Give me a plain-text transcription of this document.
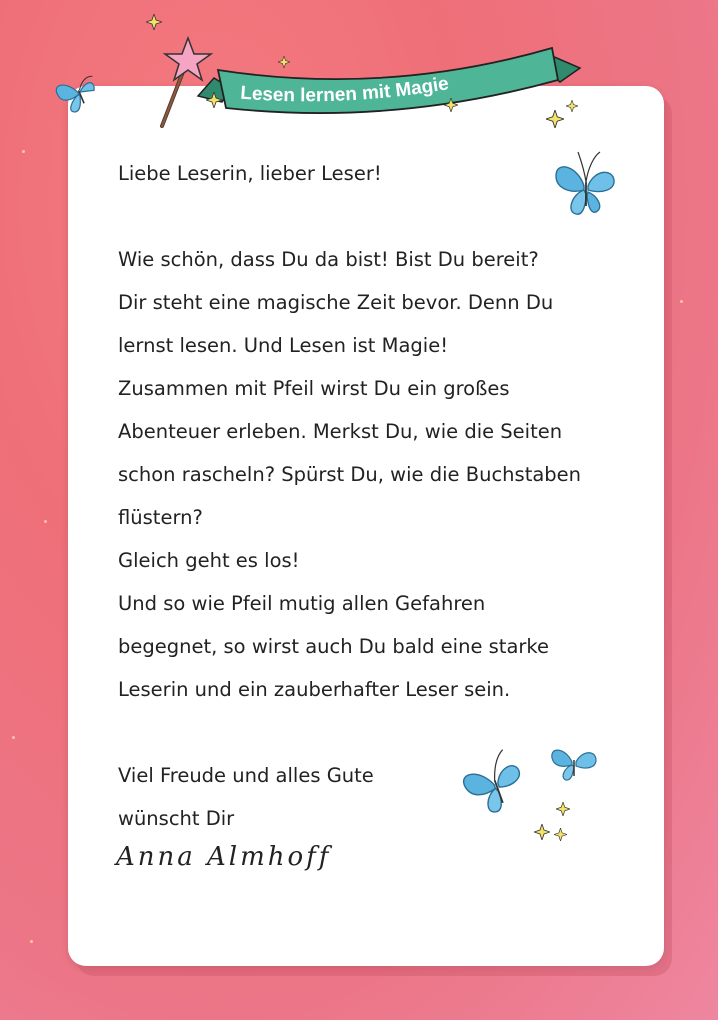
Lesen lernen mit Magie
Liebe Leserin, lieber Leser!
Wie schön, dass Du da bist! Bist Du bereit?
Dir steht eine magische Zeit bevor. Denn Du
lernst lesen. Und Lesen ist Magie!
Zusammen mit Pfeil wirst Du ein großes
Abenteuer erleben. Merkst Du, wie die Seiten
schon rascheln? Spürst Du, wie die Buchstaben
flüstern?
Gleich geht es los!
Und so wie Pfeil mutig allen Gefahren
begegnet, so wirst auch Du bald eine starke
Leserin und ein zauberhafter Leser sein.
Viel Freude und alles Gute
wünscht Dir
Anna Almhoff
